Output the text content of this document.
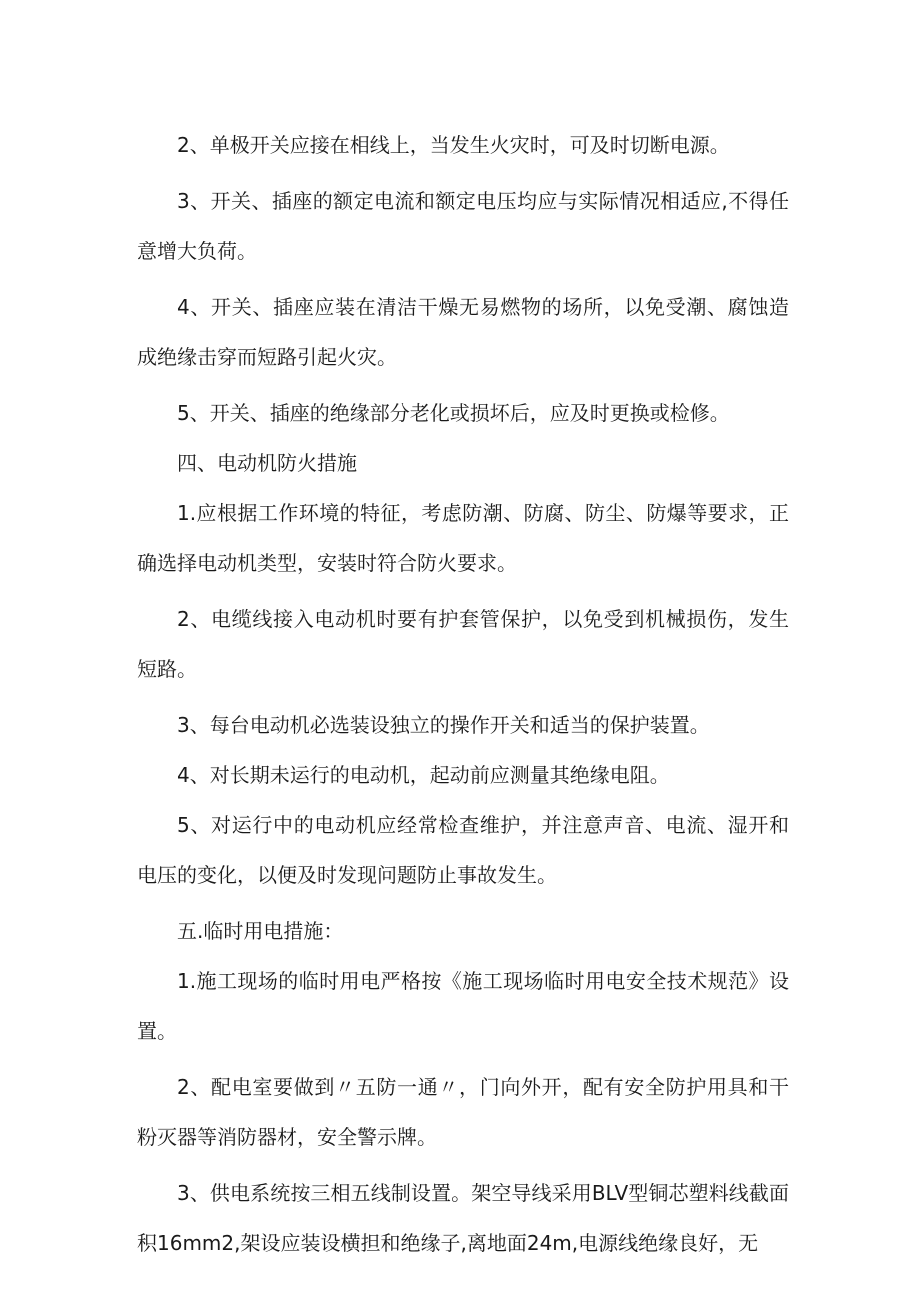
2、单极开关应接在相线上，当发生火灾时，可及时切断电源。

3、开关、插座的额定电流和额定电压均应与实际情况相适应,不得任意增大负荷。

4、开关、插座应装在清洁干燥无易燃物的场所，以免受潮、腐蚀造成绝缘击穿而短路引起火灾。

5、开关、插座的绝缘部分老化或损坏后，应及时更换或检修。

四、电动机防火措施

1.应根据工作环境的特征，考虑防潮、防腐、防尘、防爆等要求，正确选择电动机类型，安装时符合防火要求。

2、电缆线接入电动机时要有护套管保护，以免受到机械损伤，发生短路。

3、每台电动机必选装设独立的操作开关和适当的保护装置。

4、对长期未运行的电动机，起动前应测量其绝缘电阻。

5、对运行中的电动机应经常检查维护，并注意声音、电流、湿开和电压的变化，以便及时发现问题防止事故发生。

五.临时用电措施：

1.施工现场的临时用电严格按《施工现场临时用电安全技术规范》设置。

2、配电室要做到〃五防一通〃，门向外开，配有安全防护用具和干粉灭器等消防器材，安全警示牌。

3、供电系统按三相五线制设置。架空导线采用BLV型铜芯塑料线截面积16mm2,架设应装设横担和绝缘子,离地面24m,电源线绝缘良好，无
